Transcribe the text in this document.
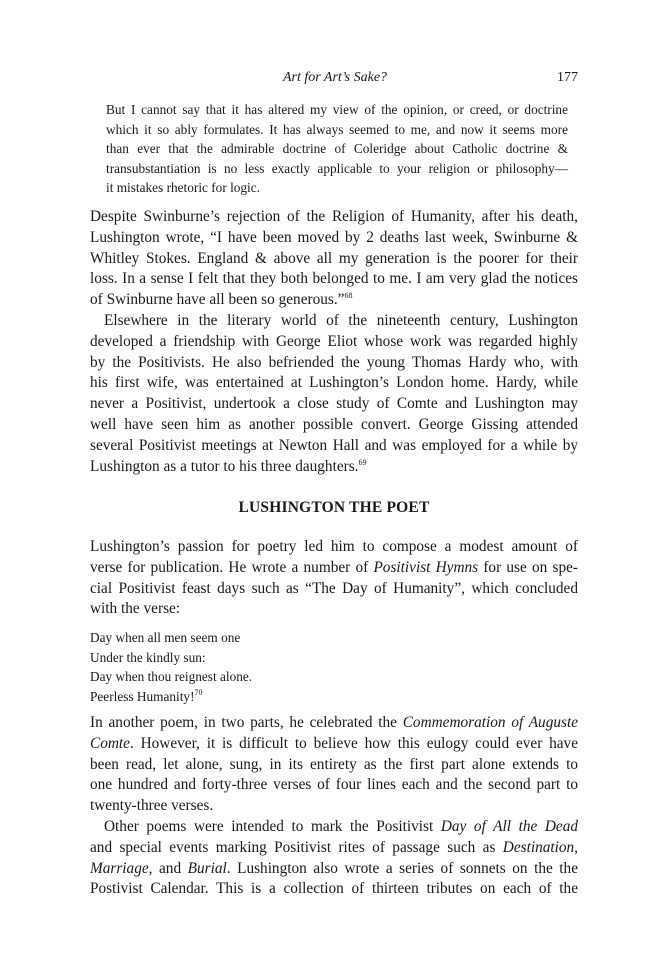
Art for Art’s Sake?	177
But I cannot say that it has altered my view of the opinion, or creed, or doctrine
which it so ably formulates. It has always seemed to me, and now it seems more
than ever that the admirable doctrine of Coleridge about Catholic doctrine &
transubstantiation is no less exactly applicable to your religion or philosophy—
it mistakes rhetoric for logic.
Despite Swinburne’s rejection of the Religion of Humanity, after his death,
Lushington wrote, “I have been moved by 2 deaths last week, Swinburne &
Whitley Stokes. England & above all my generation is the poorer for their
loss. In a sense I felt that they both belonged to me. I am very glad the notices
of Swinburne have all been so generous.”$^{68}$
Elsewhere in the literary world of the nineteenth century, Lushington
developed a friendship with George Eliot whose work was regarded highly
by the Positivists. He also befriended the young Thomas Hardy who, with
his first wife, was entertained at Lushington’s London home. Hardy, while
never a Positivist, undertook a close study of Comte and Lushington may
well have seen him as another possible convert. George Gissing attended
several Positivist meetings at Newton Hall and was employed for a while by
Lushington as a tutor to his three daughters.$^{69}$
LUSHINGTON THE POET
Lushington’s passion for poetry led him to compose a modest amount of
verse for publication. He wrote a number of Positivist Hymns for use on spe-
cial Positivist feast days such as “The Day of Humanity”, which concluded
with the verse:
Day when all men seem one
Under the kindly sun:
Day when thou reignest alone.
Peerless Humanity!$^{70}$
In another poem, in two parts, he celebrated the Commemoration of Auguste
Comte. However, it is difficult to believe how this eulogy could ever have
been read, let alone, sung, in its entirety as the first part alone extends to
one hundred and forty-three verses of four lines each and the second part to
twenty-three verses.
Other poems were intended to mark the Positivist Day of All the Dead
and special events marking Positivist rites of passage such as Destination,
Marriage, and Burial. Lushington also wrote a series of sonnets on the the
Postivist Calendar. This is a collection of thirteen tributes on each of the
